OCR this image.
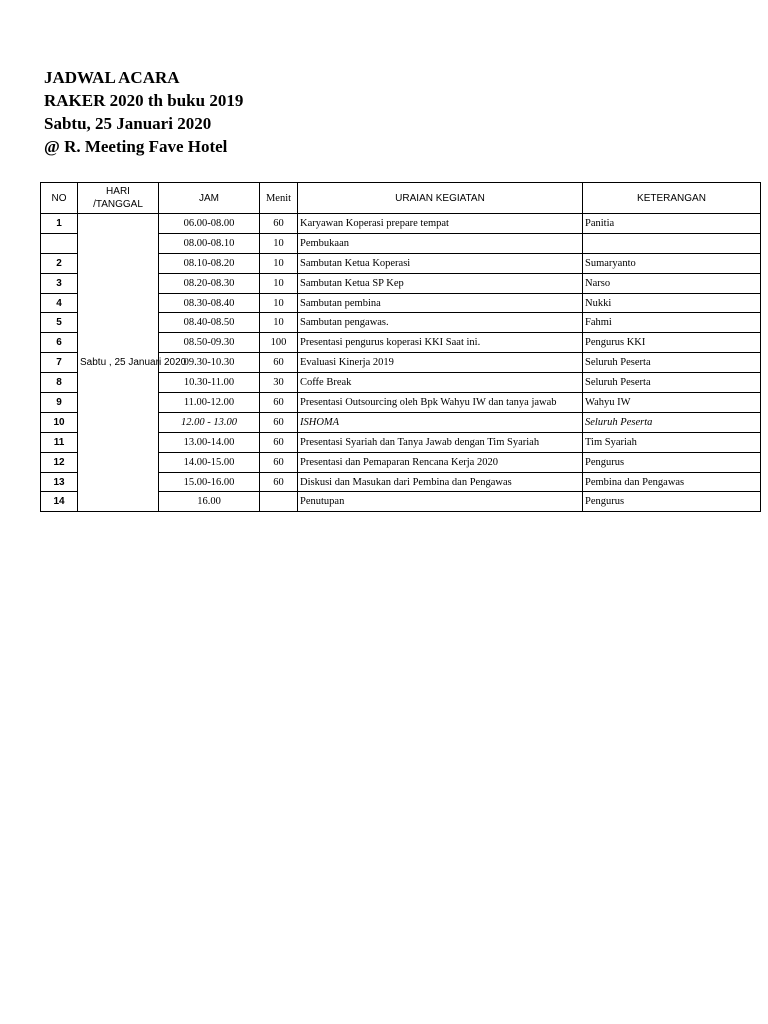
JADWAL ACARA
RAKER 2020 th buku 2019
Sabtu, 25 Januari 2020
@ R. Meeting Fave Hotel
NO	HARI /TANGGAL	JAM	Menit	URAIAN KEGIATAN	KETERANGAN
1	Sabtu , 25 Januari 2020	06.00-08.00	60	Karyawan Koperasi prepare tempat	Panitia
		08.00-08.10	10	Pembukaan	
2		08.10-08.20	10	Sambutan Ketua Koperasi	Sumaryanto
3		08.20-08.30	10	Sambutan Ketua SP Kep	Narso
4		08.30-08.40	10	Sambutan pembina	Nukki
5		08.40-08.50	10	Sambutan pengawas.	Fahmi
6		08.50-09.30	100	Presentasi pengurus koperasi KKI Saat ini.	Pengurus KKI
7		09.30-10.30	60	Evaluasi Kinerja 2019	Seluruh Peserta
8		10.30-11.00	30	Coffe Break	Seluruh Peserta
9		11.00-12.00	60	Presentasi Outsourcing oleh Bpk Wahyu IW dan tanya jawab	Wahyu IW
10		12.00 - 13.00	60	ISHOMA	Seluruh Peserta
11		13.00-14.00	60	Presentasi Syariah dan Tanya Jawab dengan Tim Syariah	Tim Syariah
12		14.00-15.00	60	Presentasi dan Pemaparan Rencana Kerja 2020	Pengurus
13		15.00-16.00	60	Diskusi dan Masukan dari Pembina dan Pengawas	Pembina dan Pengawas
14		16.00		Penutupan	Pengurus
